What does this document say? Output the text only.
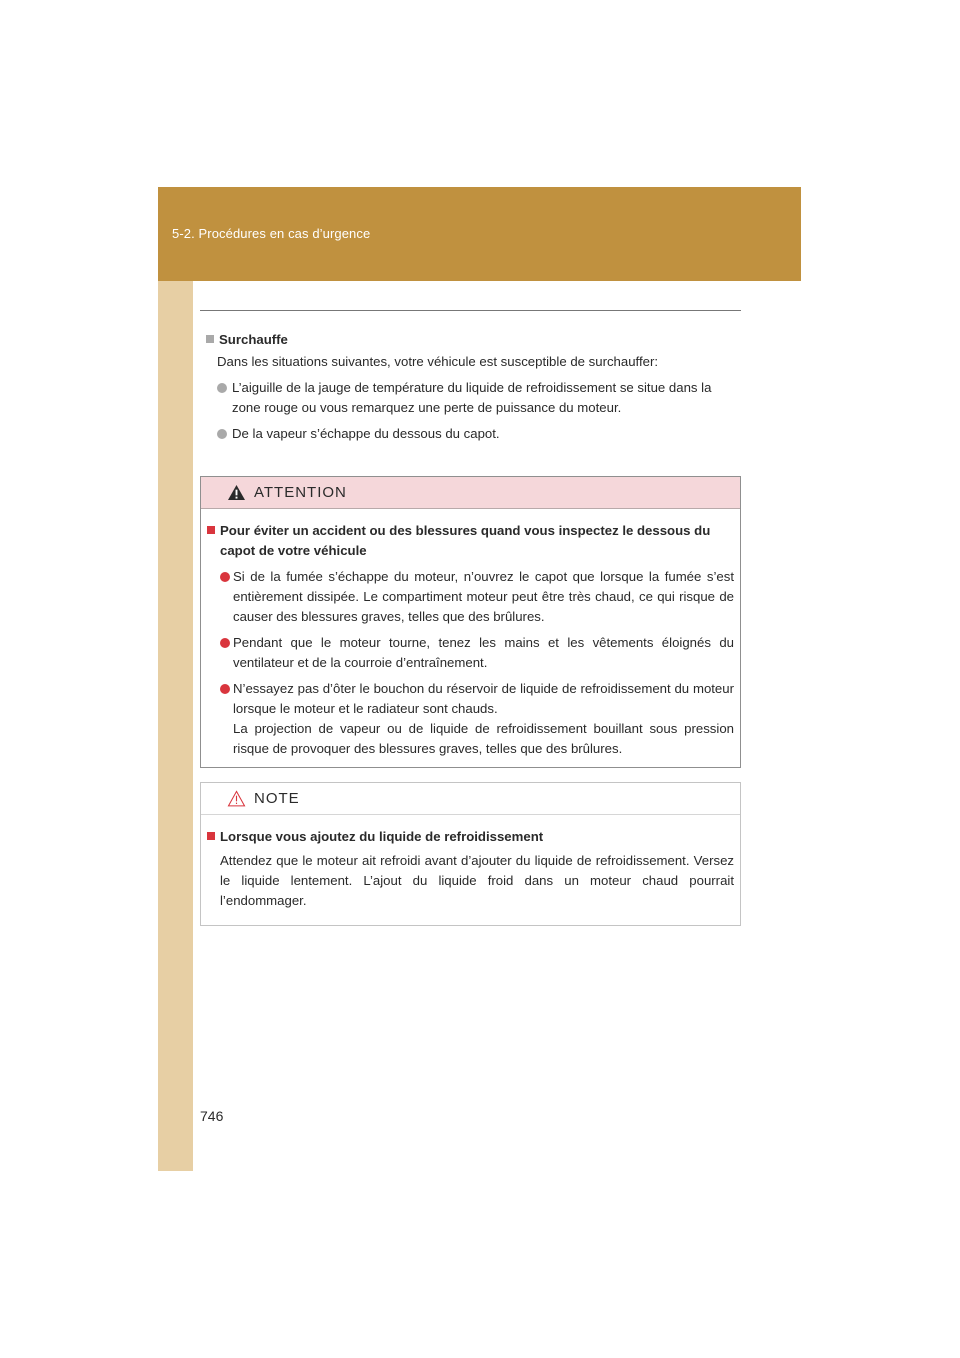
5-2. Procédures en cas d’urgence
Surchauffe
Dans les situations suivantes, votre véhicule est susceptible de surchauffer:
L’aiguille de la jauge de température du liquide de refroidissement se situe dans la zone rouge ou vous remarquez une perte de puissance du moteur.
De la vapeur s’échappe du dessous du capot.
ATTENTION
Pour éviter un accident ou des blessures quand vous inspectez le dessous du
capot de votre véhicule
Si de la fumée s’échappe du moteur, n’ouvrez le capot que lorsque la fumée s’est entièrement dissipée. Le compartiment moteur peut être très chaud, ce qui risque de causer des blessures graves, telles que des brûlures.
Pendant que le moteur tourne, tenez les mains et les vêtements éloignés du ventilateur et de la courroie d’entraînement.
N’essayez pas d’ôter le bouchon du réservoir de liquide de refroidissement du moteur lorsque le moteur et le radiateur sont chauds.
La projection de vapeur ou de liquide de refroidissement bouillant sous pression risque de provoquer des blessures graves, telles que des brûlures.
NOTE
Lorsque vous ajoutez du liquide de refroidissement
Attendez que le moteur ait refroidi avant d’ajouter du liquide de refroidissement. Versez le liquide lentement. L’ajout du liquide froid dans un moteur chaud pourrait l’endommager.
746
